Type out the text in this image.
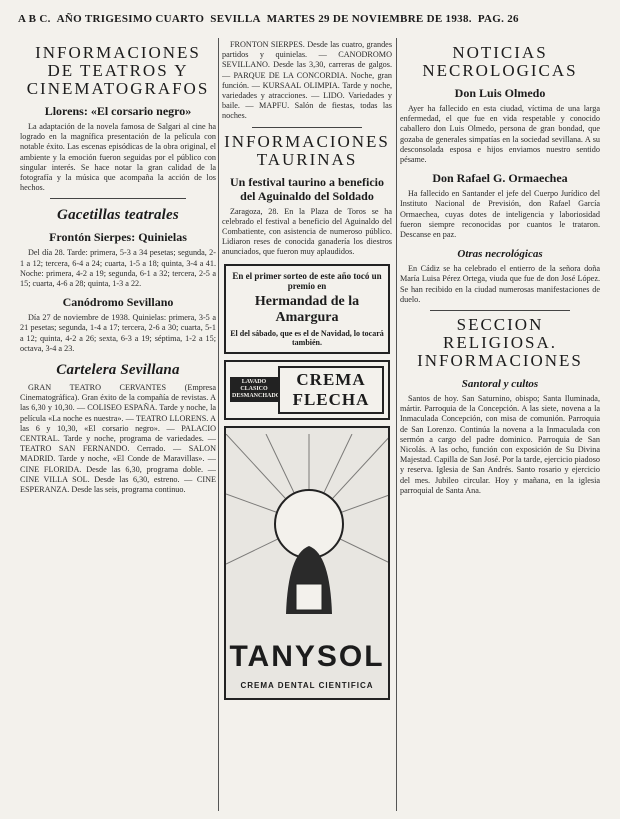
A B C. AÑO TRIGESIMO CUARTO SEVILLA MARTES 29 DE NOVIEMBRE DE 1938. PAG. 26
INFORMACIONES DE TEATROS Y CINEMATOGRAFOS
Llorens: «El corsario negro»

La adaptación de la novela famosa de Salgari al cine ha logrado en la magnífica presentación de la película con notable éxito. Las escenas episódicas de la obra original, el ambiente y la emoción fueron seguidas por el público con singular interés. Se hace notar la gran calidad de la fotografía y la música que acompaña la acción de los hechos.

Gacetillas teatrales
Frontón Sierpes: Quinielas

Del día 28. Tarde: primera, 5-3 a 34 pesetas; segunda, 2-1 a 12; tercera, 6-4 a 24; cuarta, 1-5 a 18; quinta, 3-4 a 41. Noche: primera, 4-2 a 19; segunda, 6-1 a 32; tercera, 2-5 a 15; cuarta, 4-6 a 28; quinta, 1-3 a 22.

Canódromo Sevillano

Día 27 de noviembre de 1938. Quinielas: primera, 3-5 a 21 pesetas; segunda, 1-4 a 17; tercera, 2-6 a 30; cuarta, 5-1 a 12; quinta, 4-2 a 26; sexta, 6-3 a 19; séptima, 1-2 a 15; octava, 3-4 a 23.

Cartelera Sevillana

GRAN TEATRO CERVANTES (Empresa Cinematográfica). Gran éxito de la compañía de revistas. A las 6,30 y 10,30. — COLISEO ESPAÑA. Tarde y noche, la película «La noche es nuestra». — TEATRO LLORENS. A las 6 y 10,30, «El corsario negro». — PALACIO CENTRAL. Tarde y noche, programa de variedades. — TEATRO SAN FERNANDO. Cerrado. — SALON MADRID. Tarde y noche, «El Conde de Maravillas». — CINE FLORIDA. Desde las 6,30, programa doble. — CINE VILLA SOL. Desde las 6,30, estreno. — CINE ESPERANZA. Desde las seis, programa continuo.

FRONTON SIERPES. Desde las cuatro, grandes partidos y quinielas. — CANODROMO SEVILLANO. Desde las 3,30, carreras de galgos. — PARQUE DE LA CONCORDIA. Noche, gran función. — KURSAAL OLIMPIA. Tarde y noche, variedades y atracciones. — LIDO. Variedades y baile. — MAPFU. Salón de fiestas, todas las noches.

INFORMACIONES TAURINAS
Un festival taurino a beneficio del Aguinaldo del Soldado

Zaragoza, 28. En la Plaza de Toros se ha celebrado el festival a beneficio del Aguinaldo del Combatiente, con asistencia de numeroso público. Lidiaron reses de conocida ganadería los diestros anunciados, que fueron muy aplaudidos.

En el primer sorteo de este año tocó un premio en
Hermandad de la Amargura
El del sábado, que es el de Navidad, lo tocará también.
LAVADO CLASICO DESMANCHADO
CREMA FLECHA
TANYSOL
CREMA DENTAL CIENTIFICA
NOTICIAS NECROLOGICAS
Don Luis Olmedo

Ayer ha fallecido en esta ciudad, víctima de una larga enfermedad, el que fue en vida respetable y conocido caballero don Luis Olmedo, persona de gran bondad, que gozaba de generales simpatías en la sociedad sevillana. A su desconsolada esposa e hijos enviamos nuestro sentido pésame.

Don Rafael G. Ormaechea

Ha fallecido en Santander el jefe del Cuerpo Jurídico del Instituto Nacional de Previsión, don Rafael García Ormaechea, cuyas dotes de inteligencia y laboriosidad fueron siempre reconocidas por cuantos le trataron. Descanse en paz.

Otras necrológicas

En Cádiz se ha celebrado el entierro de la señora doña María Luisa Pérez Ortega, viuda que fue de don José López. Se han recibido en la ciudad numerosas manifestaciones de duelo.

SECCION RELIGIOSA. INFORMACIONES
Santoral y cultos

Santos de hoy. San Saturnino, obispo; Santa Iluminada, mártir. Parroquia de la Concepción. A las siete, novena a la Inmaculada Concepción, con misa de comunión. Parroquia de San Lorenzo. Continúa la novena a la Inmaculada con sermón a cargo del padre dominico. Parroquia de San Nicolás. A las ocho, función con exposición de Su Divina Majestad. Capilla de San José. Por la tarde, ejercicio piadoso y reserva. Iglesia de San Andrés. Santo rosario y ejercicio del mes. Jubileo circular. Hoy y mañana, en la iglesia parroquial de Santa Ana.
